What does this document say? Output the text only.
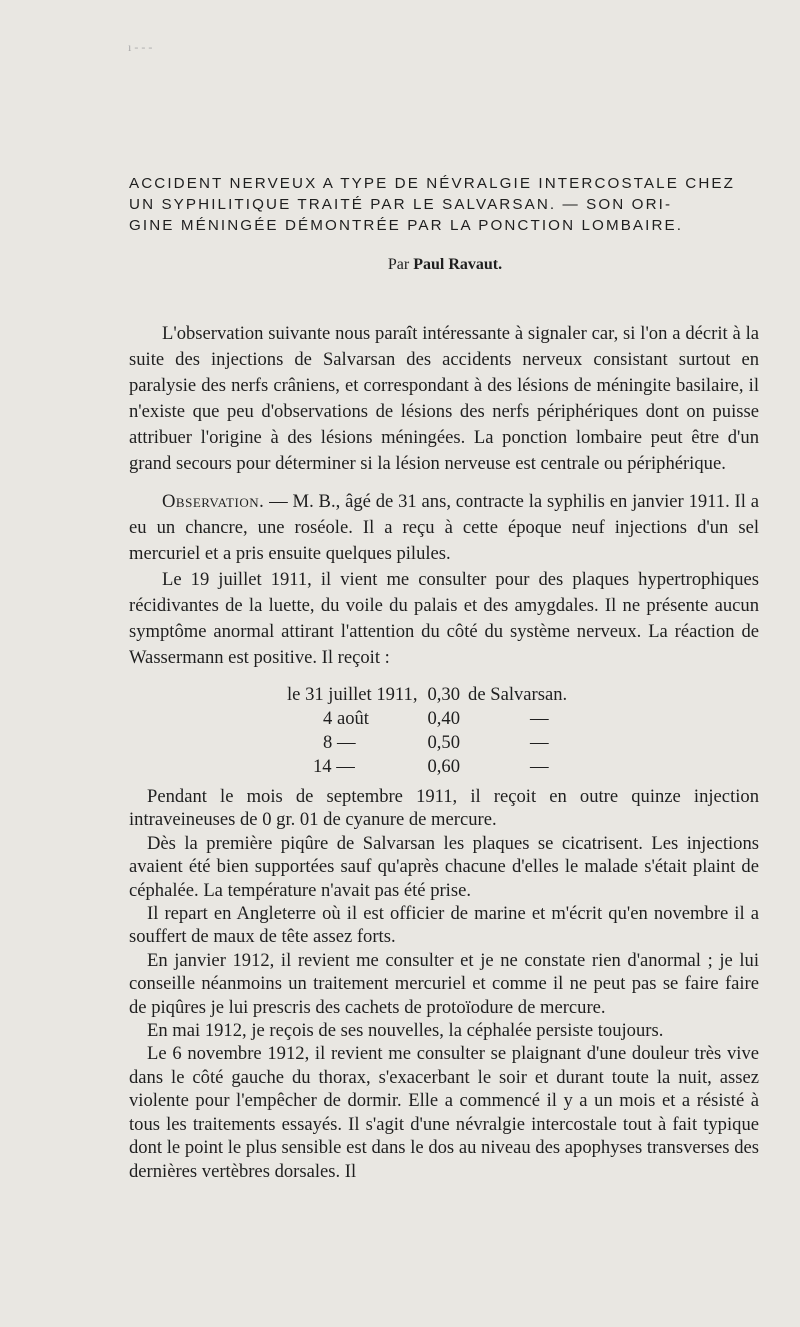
ı ‐ ‐ -

ACCIDENT NERVEUX A TYPE DE NÉVRALGIE INTERCOSTALE CHEZ

UN SYPHILITIQUE TRAITÉ PAR LE SALVARSAN. — SON ORI-

GINE MÉNINGÉE DÉMONTRÉE PAR LA PONCTION LOMBAIRE.

Par Paul Ravaut.

L'observation suivante nous paraît intéressante à signaler car, si l'on a décrit à la suite des injections de Salvarsan des accidents nerveux consistant surtout en paralysie des nerfs crâniens, et correspondant à des lésions de méningite basilaire, il n'existe que peu d'observations de lésions des nerfs périphériques dont on puisse attribuer l'origine à des lésions méningées. La ponction lombaire peut être d'un grand secours pour déterminer si la lésion nerveuse est centrale ou périphérique.

Observation. — M. B., âgé de 31 ans, contracte la syphilis en janvier 1911. Il a eu un chancre, une roséole. Il a reçu à cette époque neuf injections d'un sel mercuriel et a pris ensuite quelques pilules.

Le 19 juillet 1911, il vient me consulter pour des plaques hypertrophiques récidivantes de la luette, du voile du palais et des amygdales. Il ne présente aucun symptôme anormal attirant l'attention du côté du système nerveux. La réaction de Wassermann est positive. Il reçoit :

le 31 juillet 1911,	0,30	de Salvarsan.
4 août	0,40	—
8 —	0,50	—
14 —	0,60	—

Pendant le mois de septembre 1911, il reçoit en outre quinze injection intraveineuses de 0 gr. 01 de cyanure de mercure.

Dès la première piqûre de Salvarsan les plaques se cicatrisent. Les injections avaient été bien supportées sauf qu'après chacune d'elles le malade s'était plaint de céphalée. La température n'avait pas été prise.

Il repart en Angleterre où il est officier de marine et m'écrit qu'en novembre il a souffert de maux de tête assez forts.

En janvier 1912, il revient me consulter et je ne constate rien d'anormal ; je lui conseille néanmoins un traitement mercuriel et comme il ne peut pas se faire faire de piqûres je lui prescris des cachets de protoïodure de mercure.

En mai 1912, je reçois de ses nouvelles, la céphalée persiste toujours.

Le 6 novembre 1912, il revient me consulter se plaignant d'une douleur très vive dans le côté gauche du thorax, s'exacerbant le soir et durant toute la nuit, assez violente pour l'empêcher de dormir. Elle a commencé il y a un mois et a résisté à tous les traitements essayés. Il s'agit d'une névralgie intercostale tout à fait typique dont le point le plus sensible est dans le dos au niveau des apophyses transverses des dernières vertèbres dorsales. Il
